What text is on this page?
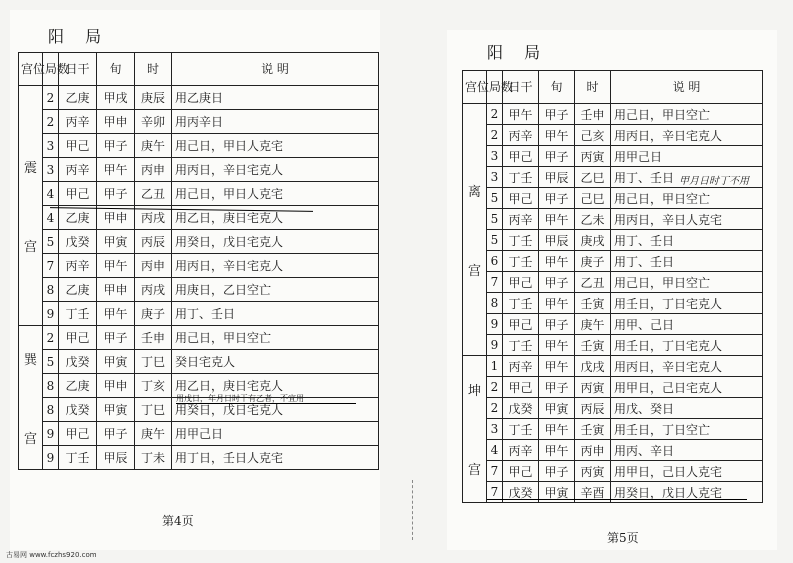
阳 局
宫位	局数	日干	旬	时	说 明

震
宫	2	乙庚	甲戌	庚辰	用乙庚日
	2	丙辛	甲申	辛卯	用丙辛日
	3	甲己	甲子	庚午	用己日，甲日人克宅
	3	丙辛	甲午	丙申	用丙日，辛日宅克人
	4	甲己	甲子	乙丑	用己日，甲日人克宅
	4	乙庚	甲申	丙戌	用乙日，庚日宅克人
	5	戊癸	甲寅	丙辰	用癸日，戊日宅克人
	7	丙辛	甲午	丙申	用丙日，辛日宅克人
	8	乙庚	甲申	丙戌	用庚日，乙日空亡
	9	丁壬	甲午	庚子	用丁、壬日

巽
宫	2	甲己	甲子	壬申	用己日，甲日空亡
	5	戊癸	甲寅	丁巳	癸日宅克人
	8	乙庚	甲申	丁亥	用乙日，庚日宅克人
	8	戊癸	甲寅	丁巳	用癸日，戊日宅克人
	9	甲己	甲子	庚午	用甲己日
	9	丁壬	甲辰	丁未	用丁日，壬日人克宅
用戊日，年月日时干有乙者，不宜用
第4页
阳 局
宫位	局数	日干	旬	时	说 明

离
宫	2	甲午	甲子	壬申	用己日，甲日空亡
	2	丙辛	甲午	己亥	用丙日，辛日宅克人
	3	甲己	甲子	丙寅	用甲己日
	3	丁壬	甲辰	乙巳	用丁、壬日
	5	甲己	甲子	己巳	用己日，甲日空亡
	5	丙辛	甲午	乙未	用丙日，辛日人克宅
	5	丁壬	甲辰	庚戌	用丁、壬日
	6	丁壬	甲午	庚子	用丁、壬日
	7	甲己	甲子	乙丑	用己日，甲日空亡
	8	丁壬	甲午	壬寅	用壬日，丁日宅克人
	9	甲己	甲子	庚午	用甲、己日
	9	丁壬	甲午	壬寅	用壬日，丁日宅克人

坤
宫	1	丙辛	甲午	戊戌	用丙日，辛日宅克人
	2	甲己	甲子	丙寅	用甲日，己日宅克人
	2	戊癸	甲寅	丙辰	用戊、癸日
	3	丁壬	甲午	壬寅	用壬日，丁日空亡
	4	丙辛	甲午	丙申	用丙、辛日
	7	甲己	甲子	丙寅	用甲日，己日人克宅
	7	戊癸	甲寅	辛酉	用癸日，戊日人克宅
甲月日时丁不用
第5页
古易网 www.fczhs920.com
